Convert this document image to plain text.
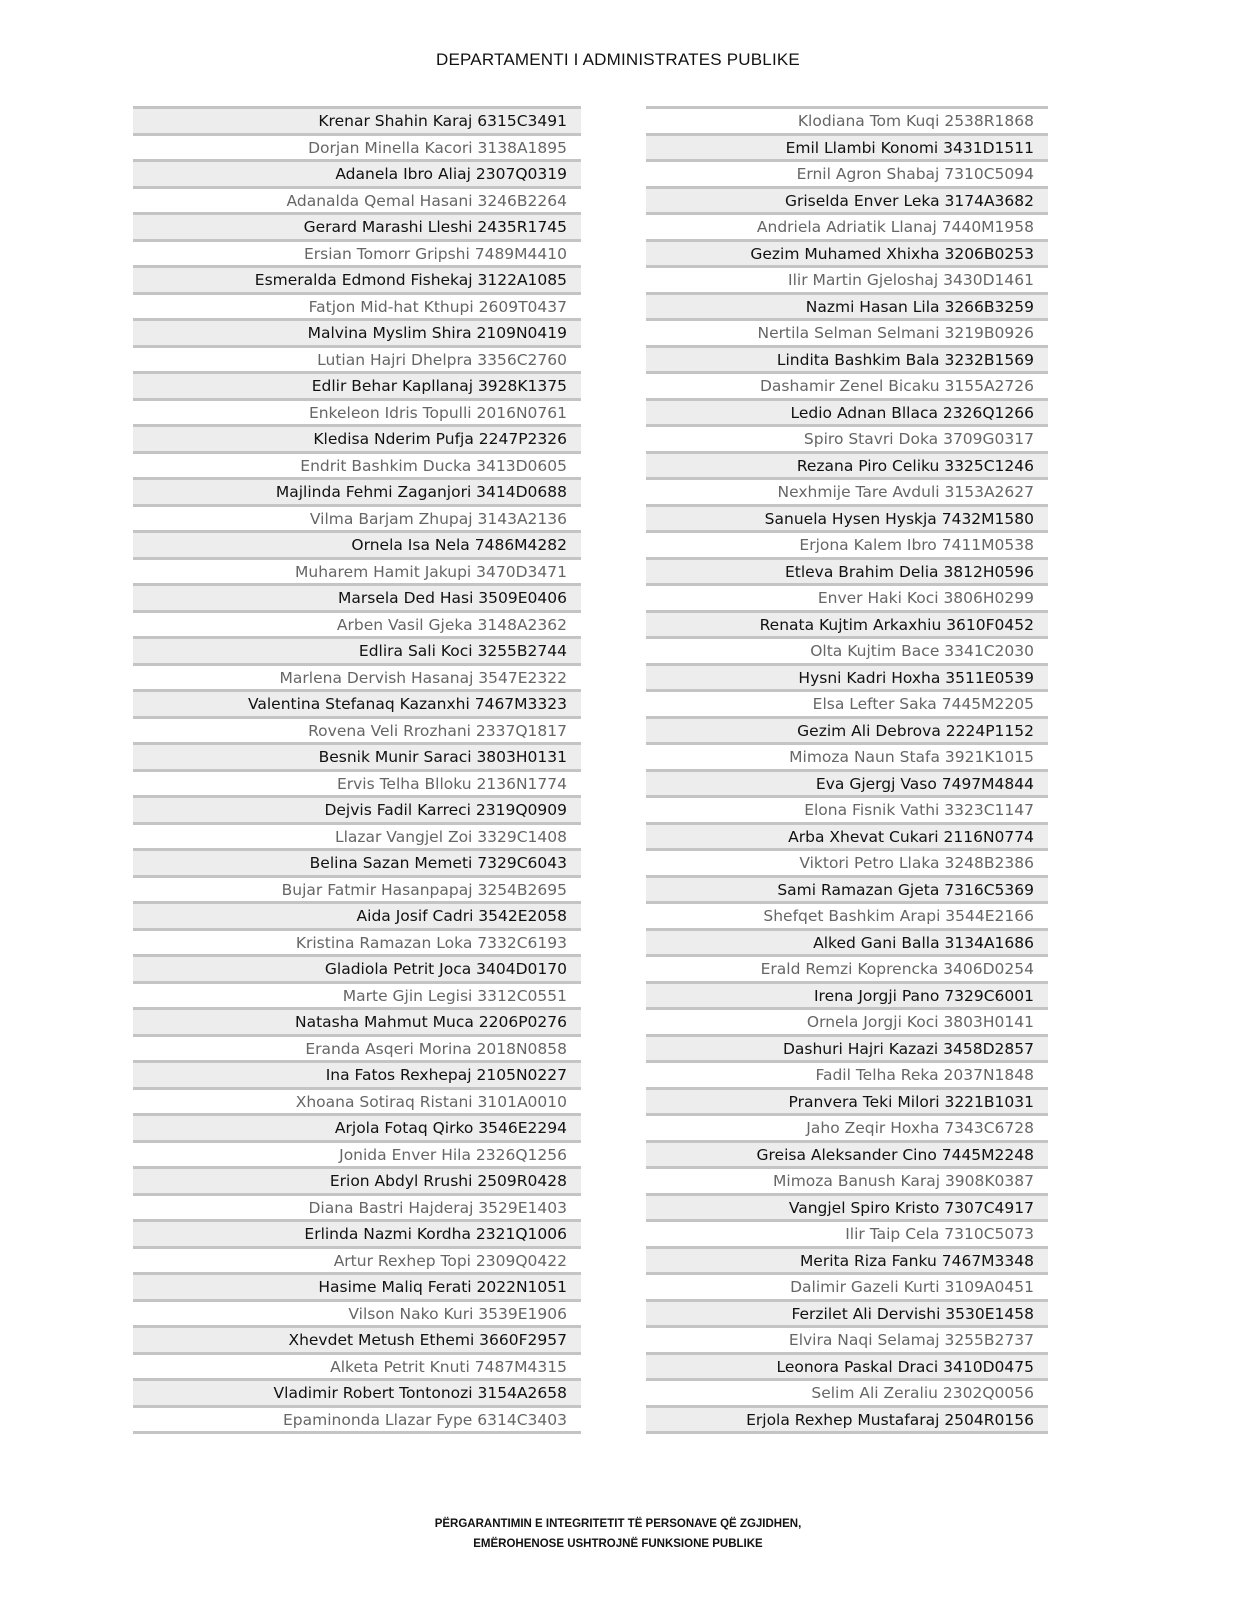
DEPARTAMENTI I ADMINISTRATES PUBLIKE
Krenar Shahin Karaj 6315C3491
Dorjan Minella Kacori 3138A1895
Adanela Ibro Aliaj 2307Q0319
Adanalda Qemal Hasani 3246B2264
Gerard Marashi Lleshi 2435R1745
Ersian Tomorr Gripshi 7489M4410
Esmeralda Edmond Fishekaj 3122A1085
Fatjon Mid-hat Kthupi 2609T0437
Malvina Myslim Shira 2109N0419
Lutian Hajri Dhelpra 3356C2760
Edlir Behar Kapllanaj 3928K1375
Enkeleon Idris Topulli 2016N0761
Kledisa Nderim Pufja 2247P2326
Endrit Bashkim Ducka 3413D0605
Majlinda Fehmi Zaganjori 3414D0688
Vilma Barjam Zhupaj 3143A2136
Ornela Isa Nela 7486M4282
Muharem Hamit Jakupi 3470D3471
Marsela Ded Hasi 3509E0406
Arben Vasil Gjeka 3148A2362
Edlira Sali Koci 3255B2744
Marlena Dervish Hasanaj 3547E2322
Valentina Stefanaq Kazanxhi 7467M3323
Rovena Veli Rrozhani 2337Q1817
Besnik Munir Saraci 3803H0131
Ervis Telha Blloku 2136N1774
Dejvis Fadil Karreci 2319Q0909
Llazar Vangjel Zoi 3329C1408
Belina Sazan Memeti 7329C6043
Bujar Fatmir Hasanpapaj 3254B2695
Aida Josif Cadri 3542E2058
Kristina Ramazan Loka 7332C6193
Gladiola Petrit Joca 3404D0170
Marte Gjin Legisi 3312C0551
Natasha Mahmut Muca 2206P0276
Eranda Asqeri Morina 2018N0858
Ina Fatos Rexhepaj 2105N0227
Xhoana Sotiraq Ristani 3101A0010
Arjola Fotaq Qirko 3546E2294
Jonida Enver Hila 2326Q1256
Erion Abdyl Rrushi 2509R0428
Diana Bastri Hajderaj 3529E1403
Erlinda Nazmi Kordha 2321Q1006
Artur Rexhep Topi 2309Q0422
Hasime Maliq Ferati 2022N1051
Vilson Nako Kuri 3539E1906
Xhevdet Metush Ethemi 3660F2957
Alketa Petrit Knuti 7487M4315
Vladimir Robert Tontonozi 3154A2658
Epaminonda Llazar Fype 6314C3403
Klodiana Tom Kuqi 2538R1868
Emil Llambi Konomi 3431D1511
Ernil Agron Shabaj 7310C5094
Griselda Enver Leka 3174A3682
Andriela Adriatik Llanaj 7440M1958
Gezim Muhamed Xhixha 3206B0253
Ilir Martin Gjeloshaj 3430D1461
Nazmi Hasan Lila 3266B3259
Nertila Selman Selmani 3219B0926
Lindita Bashkim Bala 3232B1569
Dashamir Zenel Bicaku 3155A2726
Ledio Adnan Bllaca 2326Q1266
Spiro Stavri Doka 3709G0317
Rezana Piro Celiku 3325C1246
Nexhmije Tare Avduli 3153A2627
Sanuela Hysen Hyskja 7432M1580
Erjona Kalem Ibro 7411M0538
Etleva Brahim Delia 3812H0596
Enver Haki Koci 3806H0299
Renata Kujtim Arkaxhiu 3610F0452
Olta Kujtim Bace 3341C2030
Hysni Kadri Hoxha 3511E0539
Elsa Lefter Saka 7445M2205
Gezim Ali Debrova 2224P1152
Mimoza Naun Stafa 3921K1015
Eva Gjergj Vaso 7497M4844
Elona Fisnik Vathi 3323C1147
Arba Xhevat Cukari 2116N0774
Viktori Petro Llaka 3248B2386
Sami Ramazan Gjeta 7316C5369
Shefqet Bashkim Arapi 3544E2166
Alked Gani Balla 3134A1686
Erald Remzi Koprencka 3406D0254
Irena Jorgji Pano 7329C6001
Ornela Jorgji Koci 3803H0141
Dashuri Hajri Kazazi 3458D2857
Fadil Telha Reka 2037N1848
Pranvera Teki Milori 3221B1031
Jaho Zeqir Hoxha 7343C6728
Greisa Aleksander Cino 7445M2248
Mimoza Banush Karaj 3908K0387
Vangjel Spiro Kristo 7307C4917
Ilir Taip Cela 7310C5073
Merita Riza Fanku 7467M3348
Dalimir Gazeli Kurti 3109A0451
Ferzilet Ali Dervishi 3530E1458
Elvira Naqi Selamaj 3255B2737
Leonora Paskal Draci 3410D0475
Selim Ali Zeraliu 2302Q0056
Erjola Rexhep Mustafaraj 2504R0156
PËRGARANTIMIN E INTEGRITETIT TË PERSONAVE QË ZGJIDHEN,
EMËROHENOSE USHTROJNË FUNKSIONE PUBLIKE
